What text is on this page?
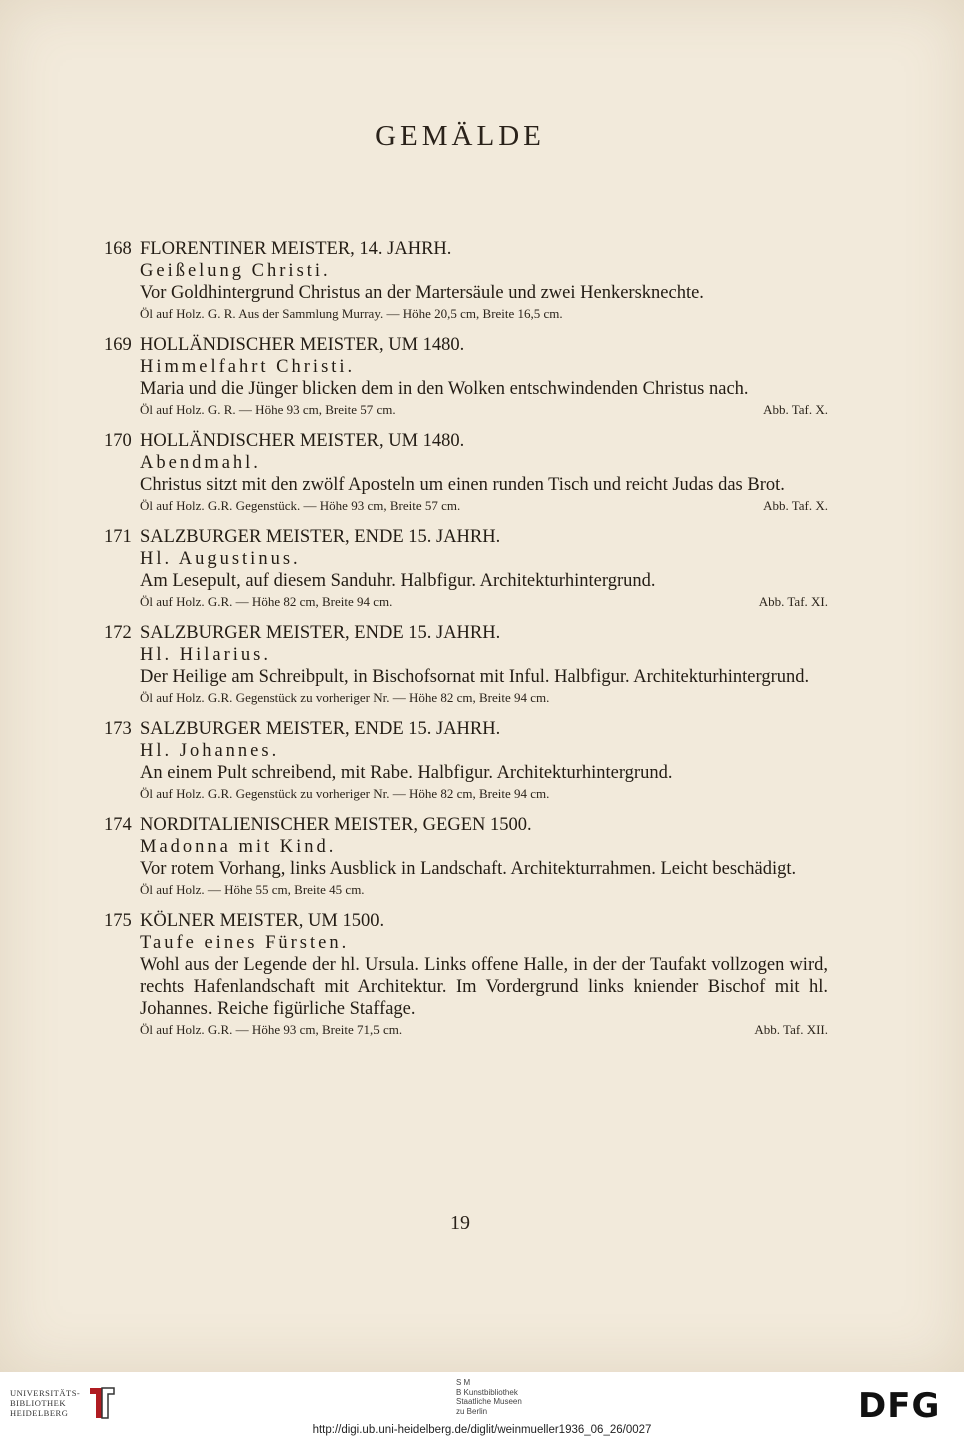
GEMÄLDE
168 FLORENTINER MEISTER, 14. JAHRH.
Geißelung Christi.
Vor Goldhintergrund Christus an der Martersäule und zwei Henkersknechte.
Öl auf Holz. G. R. Aus der Sammlung Murray. — Höhe 20,5 cm, Breite 16,5 cm.
169 HOLLÄNDISCHER MEISTER, UM 1480.
Himmelfahrt Christi.
Maria und die Jünger blicken dem in den Wolken entschwindenden Christus nach.
Öl auf Holz. G. R. — Höhe 93 cm, Breite 57 cm.	Abb. Taf. X.
170 HOLLÄNDISCHER MEISTER, UM 1480.
Abendmahl.
Christus sitzt mit den zwölf Aposteln um einen runden Tisch und reicht Judas das Brot.
Öl auf Holz. G.R. Gegenstück. — Höhe 93 cm, Breite 57 cm.	Abb. Taf. X.
171 SALZBURGER MEISTER, ENDE 15. JAHRH.
Hl. Augustinus.
Am Lesepult, auf diesem Sanduhr. Halbfigur. Architekturhintergrund.
Öl auf Holz. G.R. — Höhe 82 cm, Breite 94 cm.	Abb. Taf. XI.
172 SALZBURGER MEISTER, ENDE 15. JAHRH.
Hl. Hilarius.
Der Heilige am Schreibpult, in Bischofsornat mit Inful. Halbfigur. Architekturhintergrund.
Öl auf Holz. G.R. Gegenstück zu vorheriger Nr. — Höhe 82 cm, Breite 94 cm.
173 SALZBURGER MEISTER, ENDE 15. JAHRH.
Hl. Johannes.
An einem Pult schreibend, mit Rabe. Halbfigur. Architekturhintergrund.
Öl auf Holz. G.R. Gegenstück zu vorheriger Nr. — Höhe 82 cm, Breite 94 cm.
174 NORDITALIENISCHER MEISTER, GEGEN 1500.
Madonna mit Kind.
Vor rotem Vorhang, links Ausblick in Landschaft. Architekturrahmen. Leicht beschädigt.
Öl auf Holz. — Höhe 55 cm, Breite 45 cm.
175 KÖLNER MEISTER, UM 1500.
Taufe eines Fürsten.
Wohl aus der Legende der hl. Ursula. Links offene Halle, in der der Taufakt vollzogen wird, rechts Hafenlandschaft mit Architektur. Im Vordergrund links kniender Bischof mit hl. Johannes. Reiche figürliche Staffage.
Öl auf Holz. G.R. — Höhe 93 cm, Breite 71,5 cm.	Abb. Taf. XII.
19
UNIVERSITÄTS-
BIBLIOTHEK
HEIDELBERG
S M
B Kunstbibliothek
Staatliche Museen
zu Berlin	DFG
http://digi.ub.uni-heidelberg.de/diglit/weinmueller1936_06_26/0027
